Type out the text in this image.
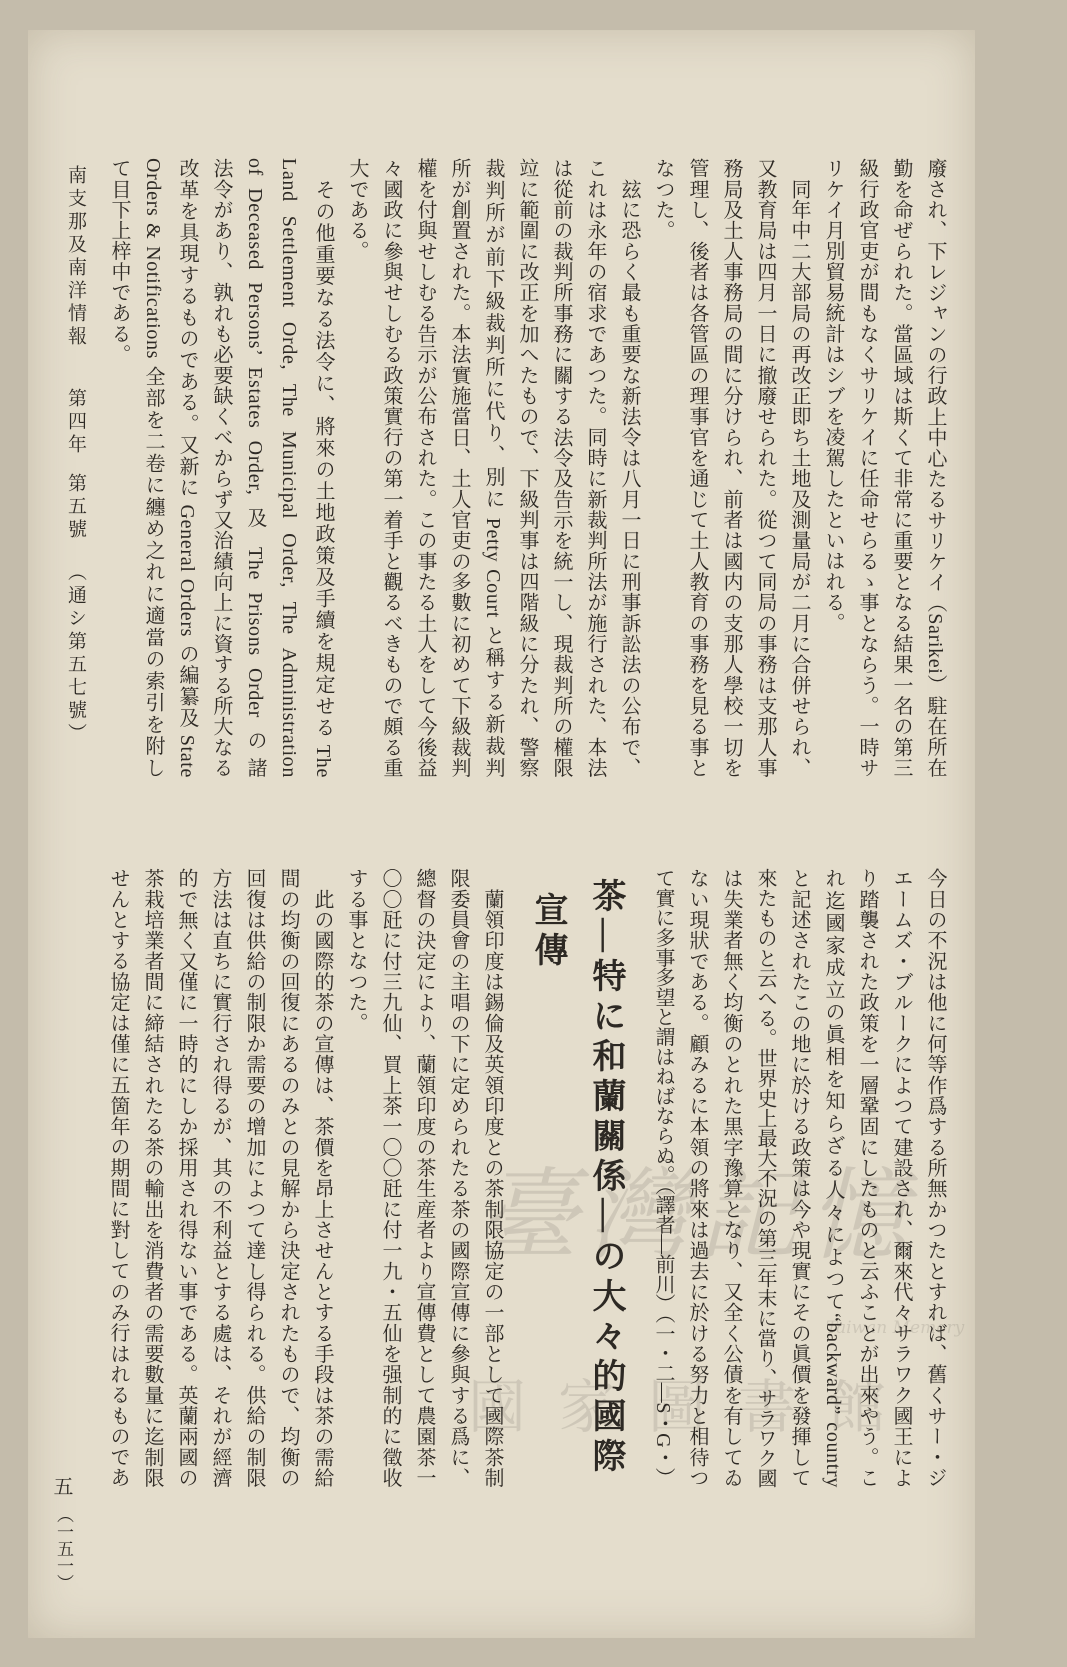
臺灣記憶
Taiwan Memory
國家圖書館
廢され、下レジャンの行政上中心たるサリケイ（Sarikei）駐在所在
勤を命ぜられた。當區域は斯くて非常に重要となる結果一名の第三
級行政官吏が間もなくサリケイに任命せらるゝ事とならう。一時サ
リケイ月別貿易統計はシブを凌駕したといはれる。
　同年中二大部局の再改正即ち土地及測量局が二月に合併せられ、
又教育局は四月一日に撤廢せられた。從つて同局の事務は支那人事
務局及土人事務局の間に分けられ、前者は國内の支那人學校一切を
管理し、後者は各管區の理事官を通じて土人教育の事務を見る事と
なつた。
　玆に恐らく最も重要な新法令は八月一日に刑事訴訟法の公布で、
これは永年の宿求であつた。同時に新裁判所法が施行された、本法
は從前の裁判所事務に關する法令及告示を統一し、現裁判所の權限
竝に範圍に改正を加へたもので、下級判事は四階級に分たれ、警察
裁判所が前下級裁判所に代り、別に Petty Court と稱する新裁判
所が創置された。本法實施當日、土人官吏の多數に初めて下級裁判
權を付與せしむる告示が公布された。この事たる土人をして今後益
々國政に參與せしむる政策實行の第一着手と觀るべきもので頗る重
大である。
　その他重要なる法令に、將來の土地政策及手續を規定せる The
Land Settlement Orde, The Municipal Order, The Administration
of Deceased Persons’ Estates Order, 及 The Prisons Order の諸
法令があり、孰れも必要缺くべからず又治績向上に資する所大なる
改革を具現するものである。又新に General Orders の編纂及 State
Orders & Notifications 全部を二卷に纏め之れに適當の索引を附し
て目下上梓中である。
今日の不況は他に何等作爲する所無かつたとすれば、舊くサー・ジ
エームズ・ブルークによつて建設され、爾來代々サラワク國王によ
り踏襲された政策を一層鞏固にしたものと云ふことが出來やう。こ
れ迄國家成立の眞相を知らざる人々によつて“backward” country
と記述されたこの地に於ける政策は今や現實にその眞價を發揮して
來たものと云へる。世界史上最大不況の第三年末に當り、サラワク國
は失業者無く均衡のとれた黒字豫算となり、又全く公債を有してゐ
ない現狀である。顧みるに本領の將來は過去に於ける努力と相待つ
て實に多事多望と謂はねばならぬ。（譯者―前川）（一・二―S・G・）
茶―特に和蘭關係―の大々的國際
宣傳
　蘭領印度は錫倫及英領印度との茶制限協定の一部として國際茶制
限委員會の主唱の下に定められたる茶の國際宣傳に參與する爲に、
總督の決定により、蘭領印度の茶生産者より宣傳費として農園茶一
〇〇瓩に付三九仙、買上茶一〇〇瓩に付一九・五仙を强制的に徵收
する事となつた。
　此の國際的茶の宣傳は、茶價を昂上させんとする手段は茶の需給
間の均衡の回復にあるのみとの見解から決定されたもので、均衡の
回復は供給の制限か需要の增加によつて達し得られる。供給の制限
方法は直ちに實行され得るが、其の不利益とする處は、それが經濟
的で無く又僅に一時的にしか採用され得ない事である。英蘭兩國の
茶栽培業者間に締結されたる茶の輸出を消費者の需要數量に迄制限
せんとする協定は僅に五箇年の期間に對してのみ行はれるものであ
南支那及南洋情報
第四年
第五號
（通シ第五七號）
五
（一五一）
